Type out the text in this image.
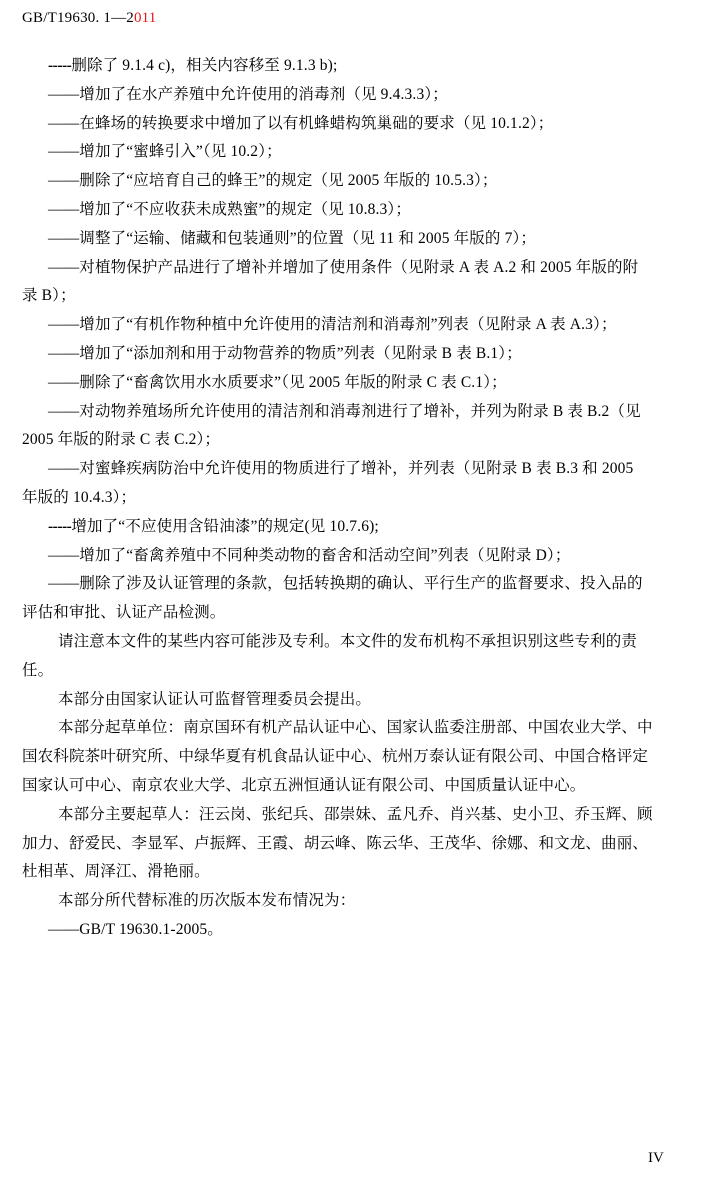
GB/T19630. 1—2011
-----删除了 9.1.4 c)，相关内容移至 9.1.3 b);
——增加了在水产养殖中允许使用的消毒剂（见 9.4.3.3）；
——在蜂场的转换要求中增加了以有机蜂蜡构筑巢础的要求（见 10.1.2）；
——增加了“蜜蜂引入”（见 10.2）；
——删除了“应培育自己的蜂王”的规定（见 2005 年版的 10.5.3）；
——增加了“不应收获未成熟蜜”的规定（见 10.8.3）；
——调整了“运输、储藏和包装通则”的位置（见 11 和 2005 年版的 7）；
——对植物保护产品进行了增补并增加了使用条件（见附录 A 表 A.2 和 2005 年版的附
录 B）；
——增加了“有机作物种植中允许使用的清洁剂和消毒剂”列表（见附录 A 表 A.3）；
——增加了“添加剂和用于动物营养的物质”列表（见附录 B 表 B.1）；
——删除了“畜禽饮用水水质要求”（见 2005 年版的附录 C 表 C.1）；
——对动物养殖场所允许使用的清洁剂和消毒剂进行了增补，并列为附录 B 表 B.2（见
2005 年版的附录 C 表 C.2）；
——对蜜蜂疾病防治中允许使用的物质进行了增补，并列表（见附录 B 表 B.3 和 2005
年版的 10.4.3）；
-----增加了“不应使用含铅油漆”的规定(见 10.7.6);
——增加了“畜禽养殖中不同种类动物的畜舍和活动空间”列表（见附录 D）；
——删除了涉及认证管理的条款，包括转换期的确认、平行生产的监督要求、投入品的
评估和审批、认证产品检测。
请注意本文件的某些内容可能涉及专利。本文件的发布机构不承担识别这些专利的责
任。
本部分由国家认证认可监督管理委员会提出。
本部分起草单位：南京国环有机产品认证中心、国家认监委注册部、中国农业大学、中
国农科院茶叶研究所、中绿华夏有机食品认证中心、杭州万泰认证有限公司、中国合格评定
国家认可中心、南京农业大学、北京五洲恒通认证有限公司、中国质量认证中心。
本部分主要起草人：汪云岗、张纪兵、邵崇妹、孟凡乔、肖兴基、史小卫、乔玉辉、顾
加力、舒爱民、李显军、卢振辉、王霞、胡云峰、陈云华、王茂华、徐娜、和文龙、曲丽、
杜相革、周泽江、滑艳丽。
本部分所代替标准的历次版本发布情况为：
——GB/T 19630.1-2005。
IV
